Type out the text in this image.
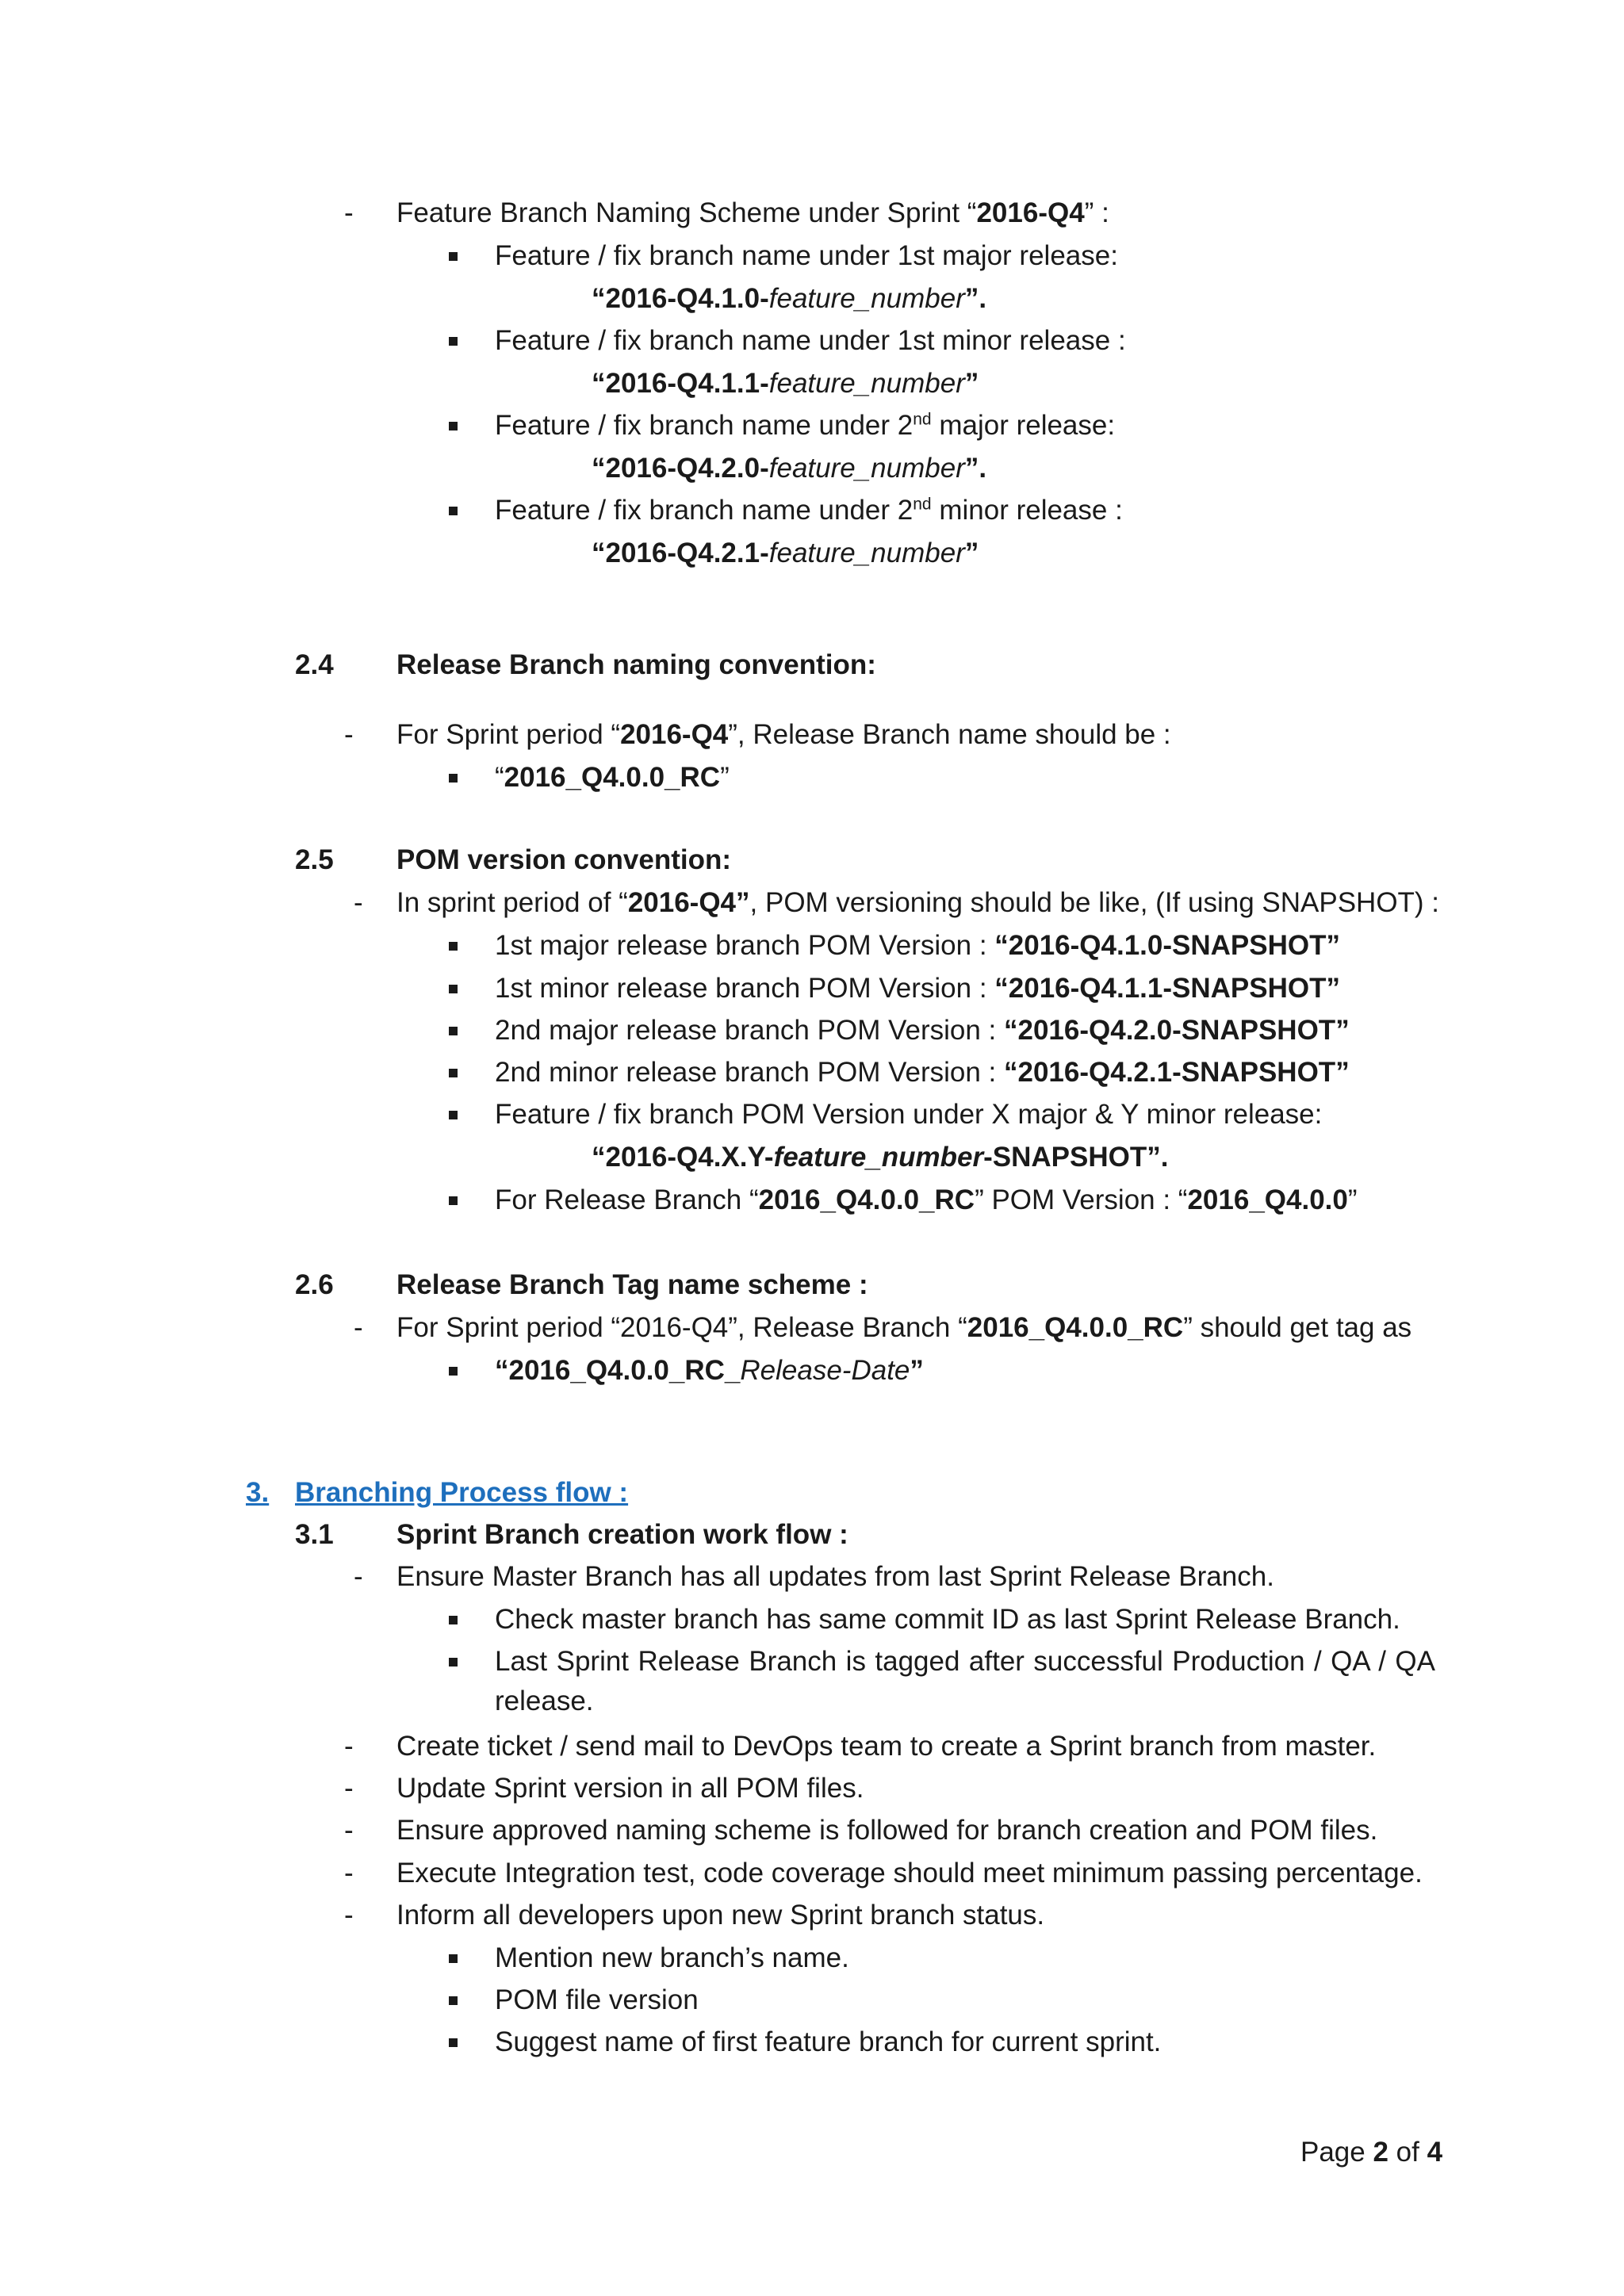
- Feature Branch Naming Scheme under Sprint “2016-Q4” :
Feature / fix branch name under 1st major release:
“2016-Q4.1.0-feature_number”.
Feature / fix branch name under 1st minor release :
“2016-Q4.1.1-feature_number”
Feature / fix branch name under 2nd major release:
“2016-Q4.2.0-feature_number”.
Feature / fix branch name under 2nd minor release :
“2016-Q4.2.1-feature_number”
2.4 Release Branch naming convention:
- For Sprint period “2016-Q4”, Release Branch name should be :
“2016_Q4.0.0_RC”
2.5 POM version convention:
- In sprint period of “2016-Q4”, POM versioning should be like, (If using SNAPSHOT) :
1st major release branch POM Version : “2016-Q4.1.0-SNAPSHOT”
1st minor release branch POM Version : “2016-Q4.1.1-SNAPSHOT”
2nd major release branch POM Version : “2016-Q4.2.0-SNAPSHOT”
2nd minor release branch POM Version : “2016-Q4.2.1-SNAPSHOT”
Feature / fix branch POM Version under X major & Y minor release:
“2016-Q4.X.Y-feature_number-SNAPSHOT”.
For Release Branch “2016_Q4.0.0_RC” POM Version : “2016_Q4.0.0”
2.6 Release Branch Tag name scheme :
- For Sprint period “2016-Q4”, Release Branch “2016_Q4.0.0_RC” should get tag as
“2016_Q4.0.0_RC_Release-Date”
3. Branching Process flow :
3.1 Sprint Branch creation work flow :
- Ensure Master Branch has all updates from last Sprint Release Branch.
Check master branch has same commit ID as last Sprint Release Branch.
Last Sprint Release Branch is tagged after successful Production / QA / QA release.
- Create ticket / send mail to DevOps team to create a Sprint branch from master.
- Update Sprint version in all POM files.
- Ensure approved naming scheme is followed for branch creation and POM files.
- Execute Integration test, code coverage should meet minimum passing percentage.
- Inform all developers upon new Sprint branch status.
Mention new branch’s name.
POM file version
Suggest name of first feature branch for current sprint.
Page 2 of 4
